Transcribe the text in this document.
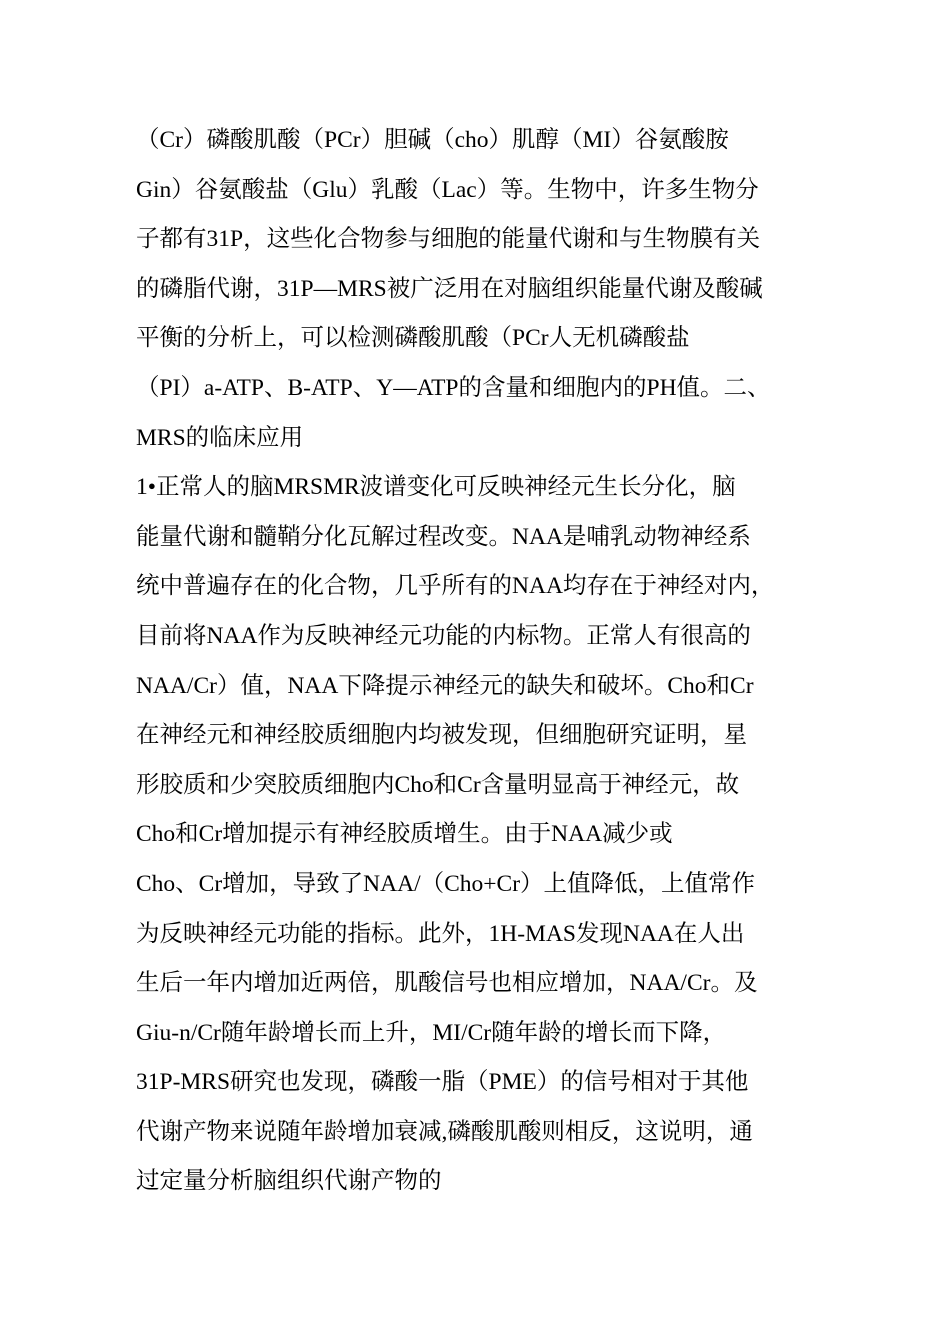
（Cr）磷酸肌酸（PCr）胆碱（cho）肌醇（MI）谷氨酸胺
Gin）谷氨酸盐（Glu）乳酸（Lac）等。生物中，许多生物分
子都有31P，这些化合物参与细胞的能量代谢和与生物膜有关
的磷脂代谢，31P—MRS被广泛用在对脑组织能量代谢及酸碱
平衡的分析上，可以检测磷酸肌酸（PCr人无机磷酸盐
（PI）a-ATP、B-ATP、Y—ATP的含量和细胞内的PH值。二、
MRS的临床应用
1•正常人的脑MRSMR波谱变化可反映神经元生长分化，脑
能量代谢和髓鞘分化瓦解过程改变。NAA是哺乳动物神经系
统中普遍存在的化合物，几乎所有的NAA均存在于神经对内，
目前将NAA作为反映神经元功能的内标物。正常人有很高的
NAA/Cr）值，NAA下降提示神经元的缺失和破坏。Cho和Cr
在神经元和神经胶质细胞内均被发现，但细胞研究证明，星
形胶质和少突胶质细胞内Cho和Cr含量明显高于神经元，故
Cho和Cr增加提示有神经胶质增生。由于NAA减少或
Cho、Cr增加，导致了NAA/（Cho+Cr）上值降低，上值常作
为反映神经元功能的指标。此外，1H-MAS发现NAA在人出
生后一年内增加近两倍，肌酸信号也相应增加，NAA/Cr。及
Giu-n/Cr随年龄增长而上升，MI/Cr随年龄的增长而下降，
31P-MRS研究也发现，磷酸一脂（PME）的信号相对于其他
代谢产物来说随年龄增加衰减,磷酸肌酸则相反，这说明，通
过定量分析脑组织代谢产物的
